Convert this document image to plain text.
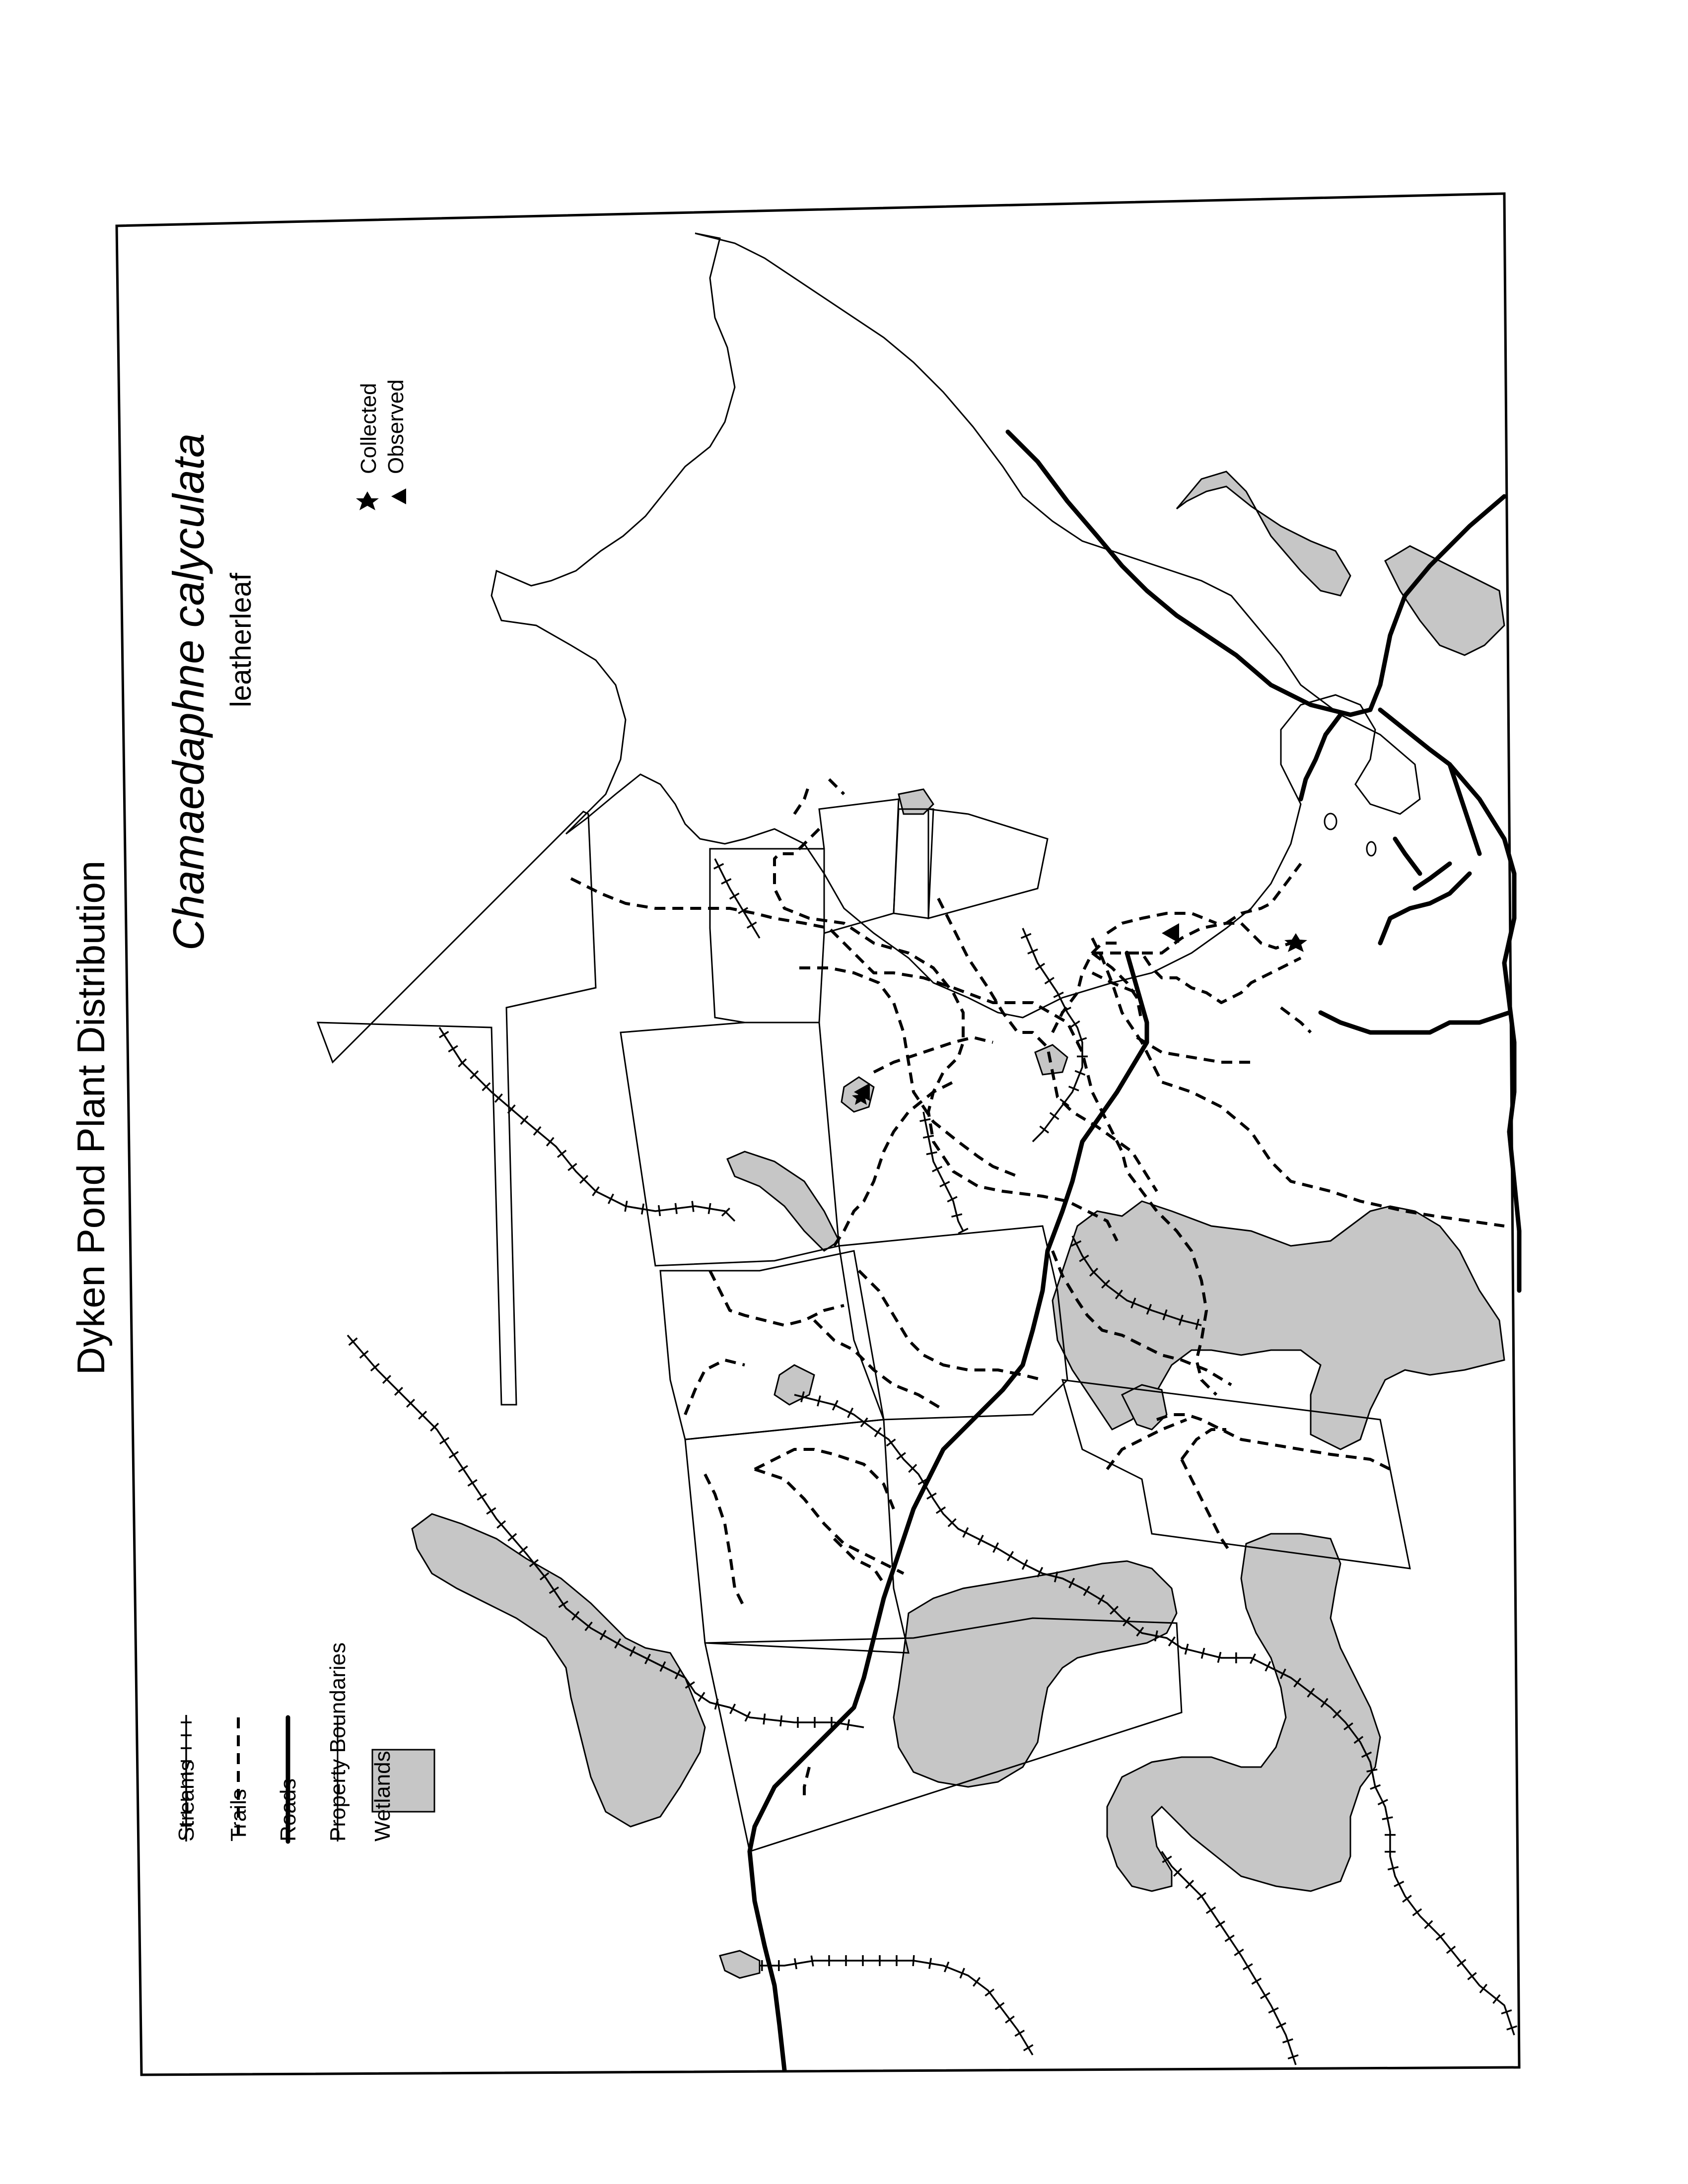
Dyken Pond Plant Distribution
Chamaedaphne calyculata leatherleaf
Collected Observed
Streams Trails Roads Property Boundaries Wetlands
